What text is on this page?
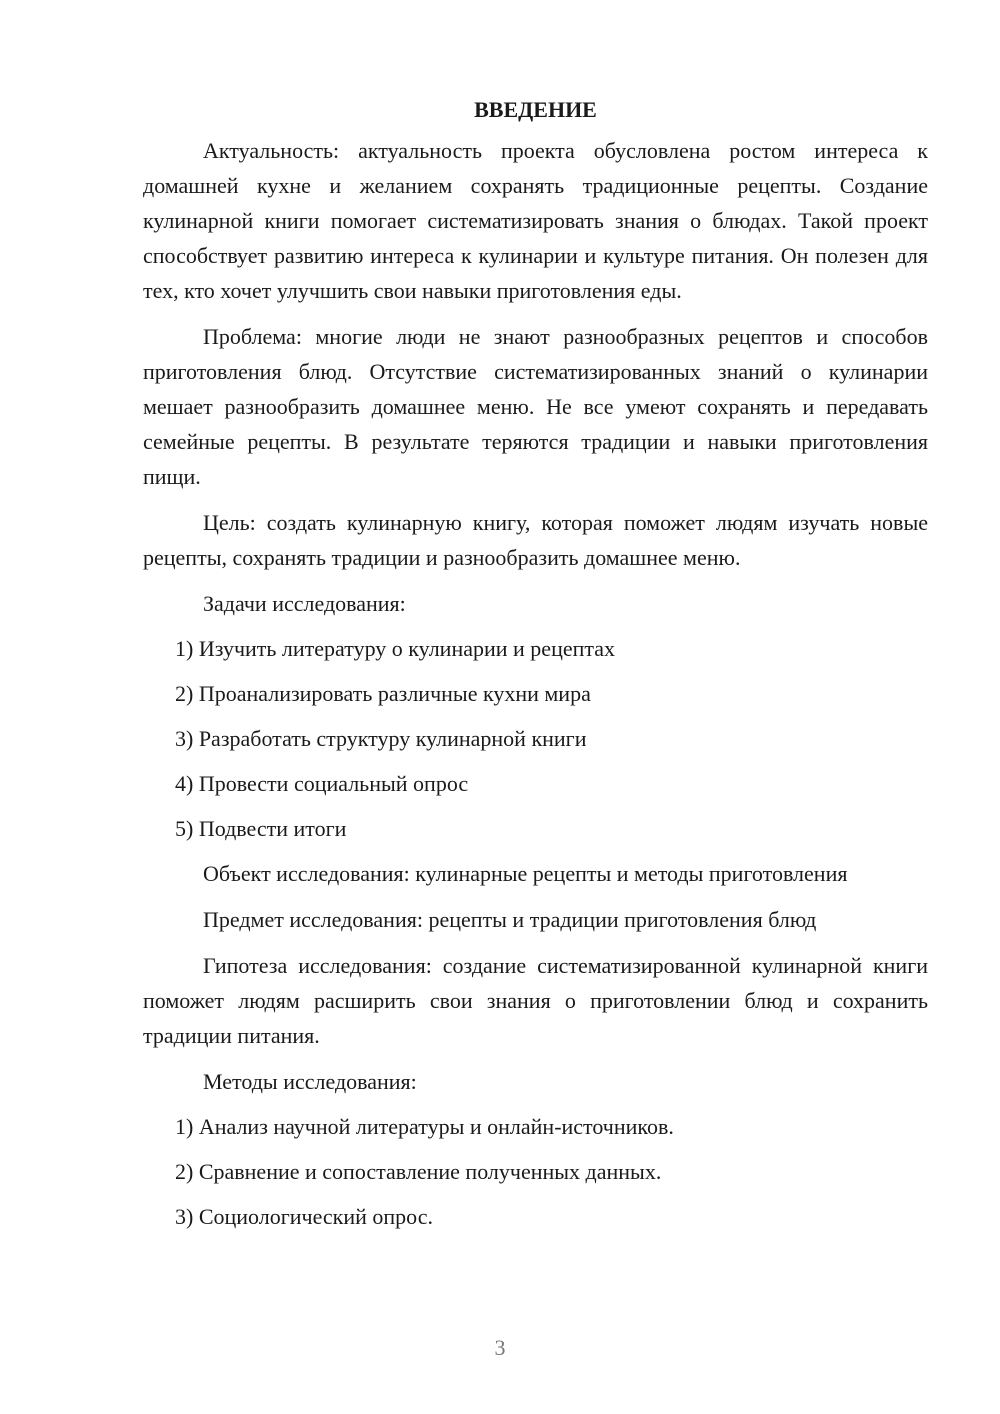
ВВЕДЕНИЕ

Актуальность: актуальность проекта обусловлена ростом интереса к домашней кухне и желанием сохранять традиционные рецепты. Создание кулинарной книги помогает систематизировать знания о блюдах. Такой проект способствует развитию интереса к кулинарии и культуре питания. Он полезен для тех, кто хочет улучшить свои навыки приготовления еды.

Проблема: многие люди не знают разнообразных рецептов и способов приготовления блюд. Отсутствие систематизированных знаний о кулинарии мешает разнообразить домашнее меню. Не все умеют сохранять и передавать семейные рецепты. В результате теряются традиции и навыки приготовления пищи.

Цель: создать кулинарную книгу, которая поможет людям изучать новые рецепты, сохранять традиции и разнообразить домашнее меню.

Задачи исследования:
1) Изучить литературу о кулинарии и рецептах
2) Проанализировать различные кухни мира
3) Разработать структуру кулинарной книги
4) Провести социальный опрос
5) Подвести итоги

Объект исследования: кулинарные рецепты и методы приготовления

Предмет исследования: рецепты и традиции приготовления блюд

Гипотеза исследования: создание систематизированной кулинарной книги поможет людям расширить свои знания о приготовлении блюд и сохранить традиции питания.

Методы исследования:
1) Анализ научной литературы и онлайн-источников.
2) Сравнение и сопоставление полученных данных.
3) Социологический опрос.
3
